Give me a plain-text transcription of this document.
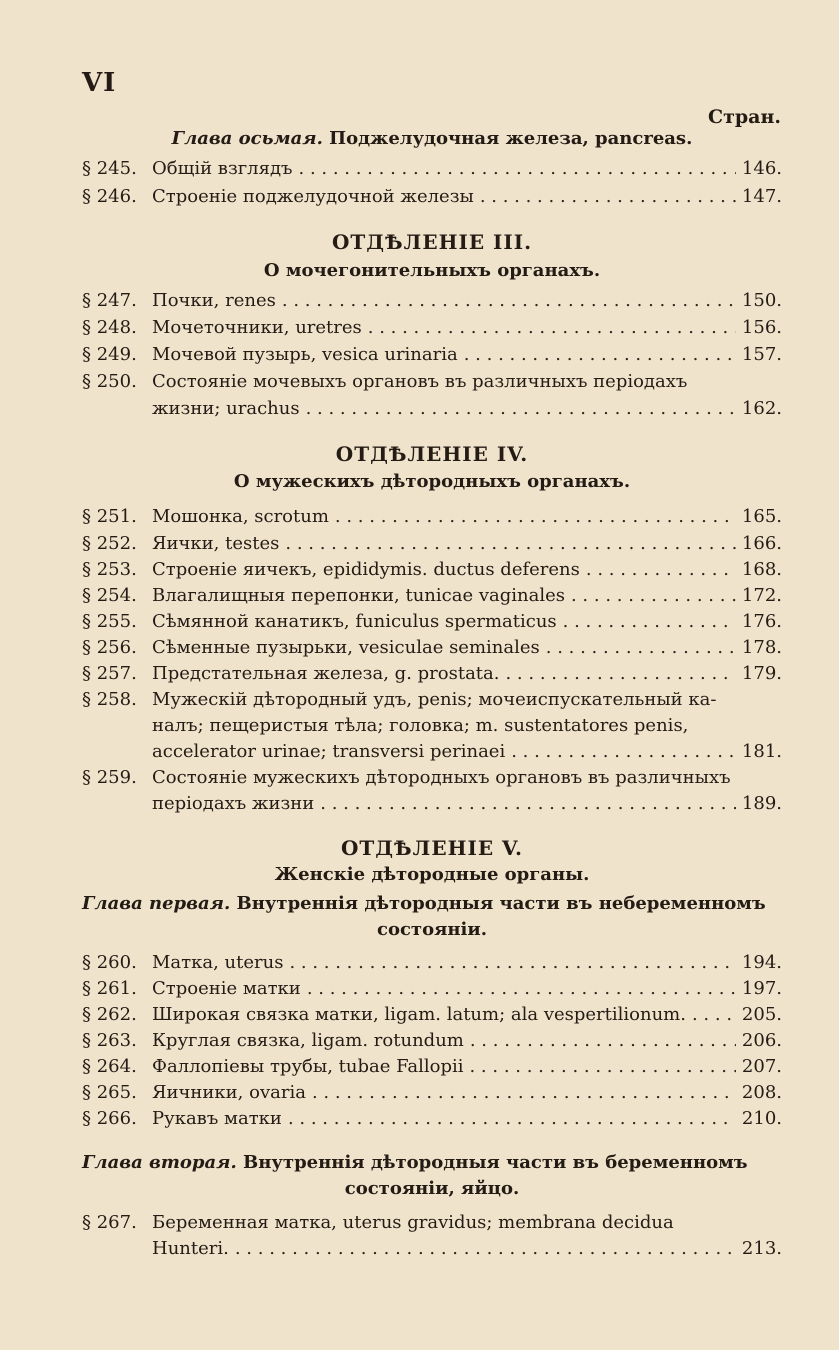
VI
Стран.
Глава осьмая. Поджелудочная железа, pancreas.
§ 245. Общій взглядъ . . .	146.
§ 246. Строеніе поджелудочной железы . . .	147.
ОТДѢЛЕНІЕ III.
О мочегонительныхъ органахъ.
§ 247. Почки, renes . . .	150.
§ 248. Мочеточники, uretres . . .	156.
§ 249. Мочевой пузырь, vesica urinaria . . .	157.
§ 250. Состояніе мочевыхъ органовъ въ различныхъ періодахъ
жизни; urachus . . .	162.
ОТДѢЛЕНІЕ IV.
О мужескихъ дѣтородныхъ органахъ.
§ 251. Мошонка, scrotum . . .	165.
§ 252. Яички, testes . . .	166.
§ 253. Строеніе яичекъ, epididymis. ductus deferens . . .	168.
§ 254. Влагалищныя перепонки, tunicae vaginales . . .	172.
§ 255. Сѣмянной канатикъ, funiculus spermaticus . . .	176.
§ 256. Сѣменные пузырьки, vesiculae seminales . . .	178.
§ 257. Предстательная железа, g. prostata. . . .	179.
§ 258. Мужескій дѣтородный удъ, penis; мочеиспускательный ка-
налъ; пещеристыя тѣла; головка; m. sustentatores penis,
accelerator urinae; transversi perinaei . . .	181.
§ 259. Состояніе мужескихъ дѣтородныхъ органовъ въ различныхъ
періодахъ жизни . . .	189.
ОТДѢЛЕНІЕ V.
Женскіе дѣтородные органы.
Глава первая. Внутреннія дѣтородныя части въ небеременномъ
состояніи.
§ 260. Матка, uterus . . .	194.
§ 261. Строеніе матки . . .	197.
§ 262. Широкая связка матки, ligam. latum; ala vespertilionum. . . .	205.
§ 263. Круглая связка, ligam. rotundum . . .	206.
§ 264. Фаллопіевы трубы, tubae Fallopii . . .	207.
§ 265. Яичники, ovaria . . .	208.
§ 266. Рукавъ матки . . .	210.
Глава вторая. Внутреннія дѣтородныя части въ беременномъ
состояніи, яйцо.
§ 267. Беременная матка, uterus gravidus; membrana decidua
Hunteri. . . .	213.
